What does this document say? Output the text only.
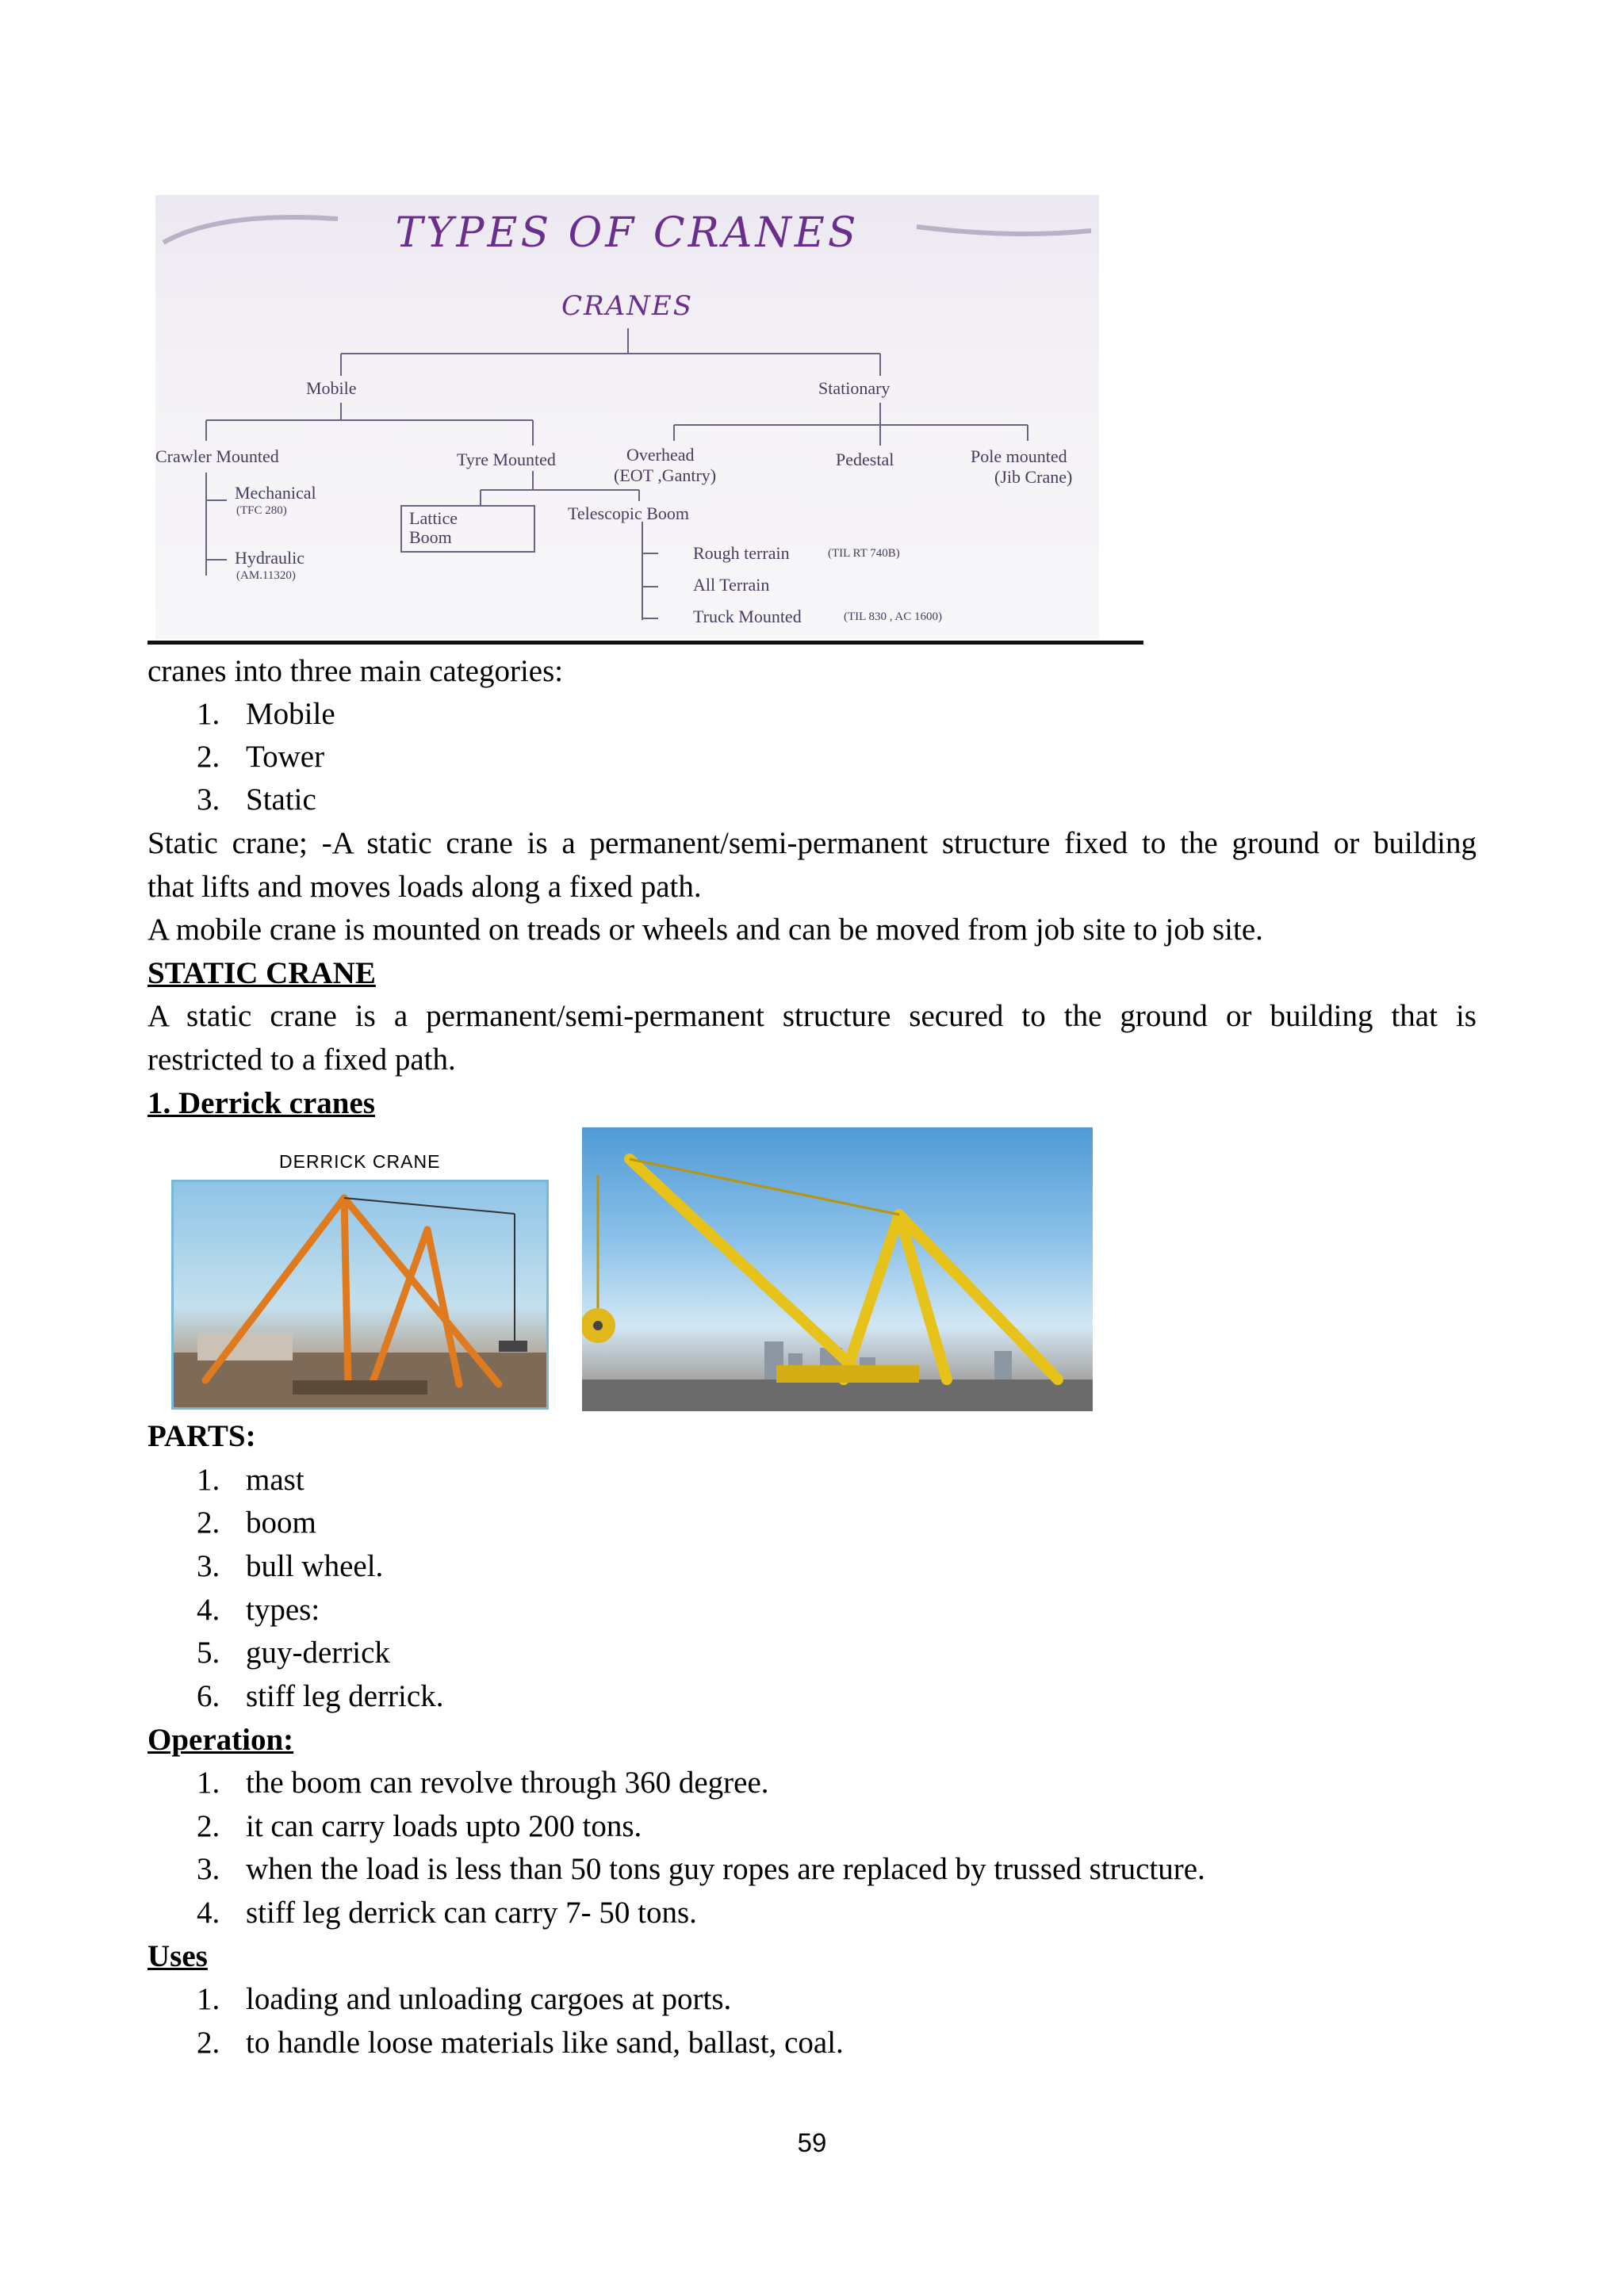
TYPES OF CRANES
CRANES
Mobile	Stationary
Crawler Mounted
Mechanical
(TFC 280)
Hydraulic
(AM.11320)
Tyre Mounted
Lattice
Boom
Telescopic Boom
Rough terrain	(TIL RT 740B)
All Terrain
Truck Mounted	(TIL 830 , AC 1600)
Overhead
(EOT ,Gantry)
Pedestal	Pole mounted
(Jib Crane)
cranes into three main categories:
1. Mobile
2. Tower
3. Static
Static crane; -A static crane is a permanent/semi-permanent structure fixed to the ground or building
that lifts and moves loads along a fixed path.
A mobile crane is mounted on treads or wheels and can be moved from job site to job site.
STATIC CRANE
A static crane is a permanent/semi-permanent structure secured to the ground or building that is
restricted to a fixed path.
1. Derrick cranes
DERRICK CRANE
PARTS:
1. mast
2. boom
3. bull wheel.
4. types:
5. guy-derrick
6. stiff leg derrick.
Operation:
1. the boom can revolve through 360 degree.
2. it can carry loads upto 200 tons.
3. when the load is less than 50 tons guy ropes are replaced by trussed structure.
4. stiff leg derrick can carry 7- 50 tons.
Uses
1. loading and unloading cargoes at ports.
2. to handle loose materials like sand, ballast, coal.
59
